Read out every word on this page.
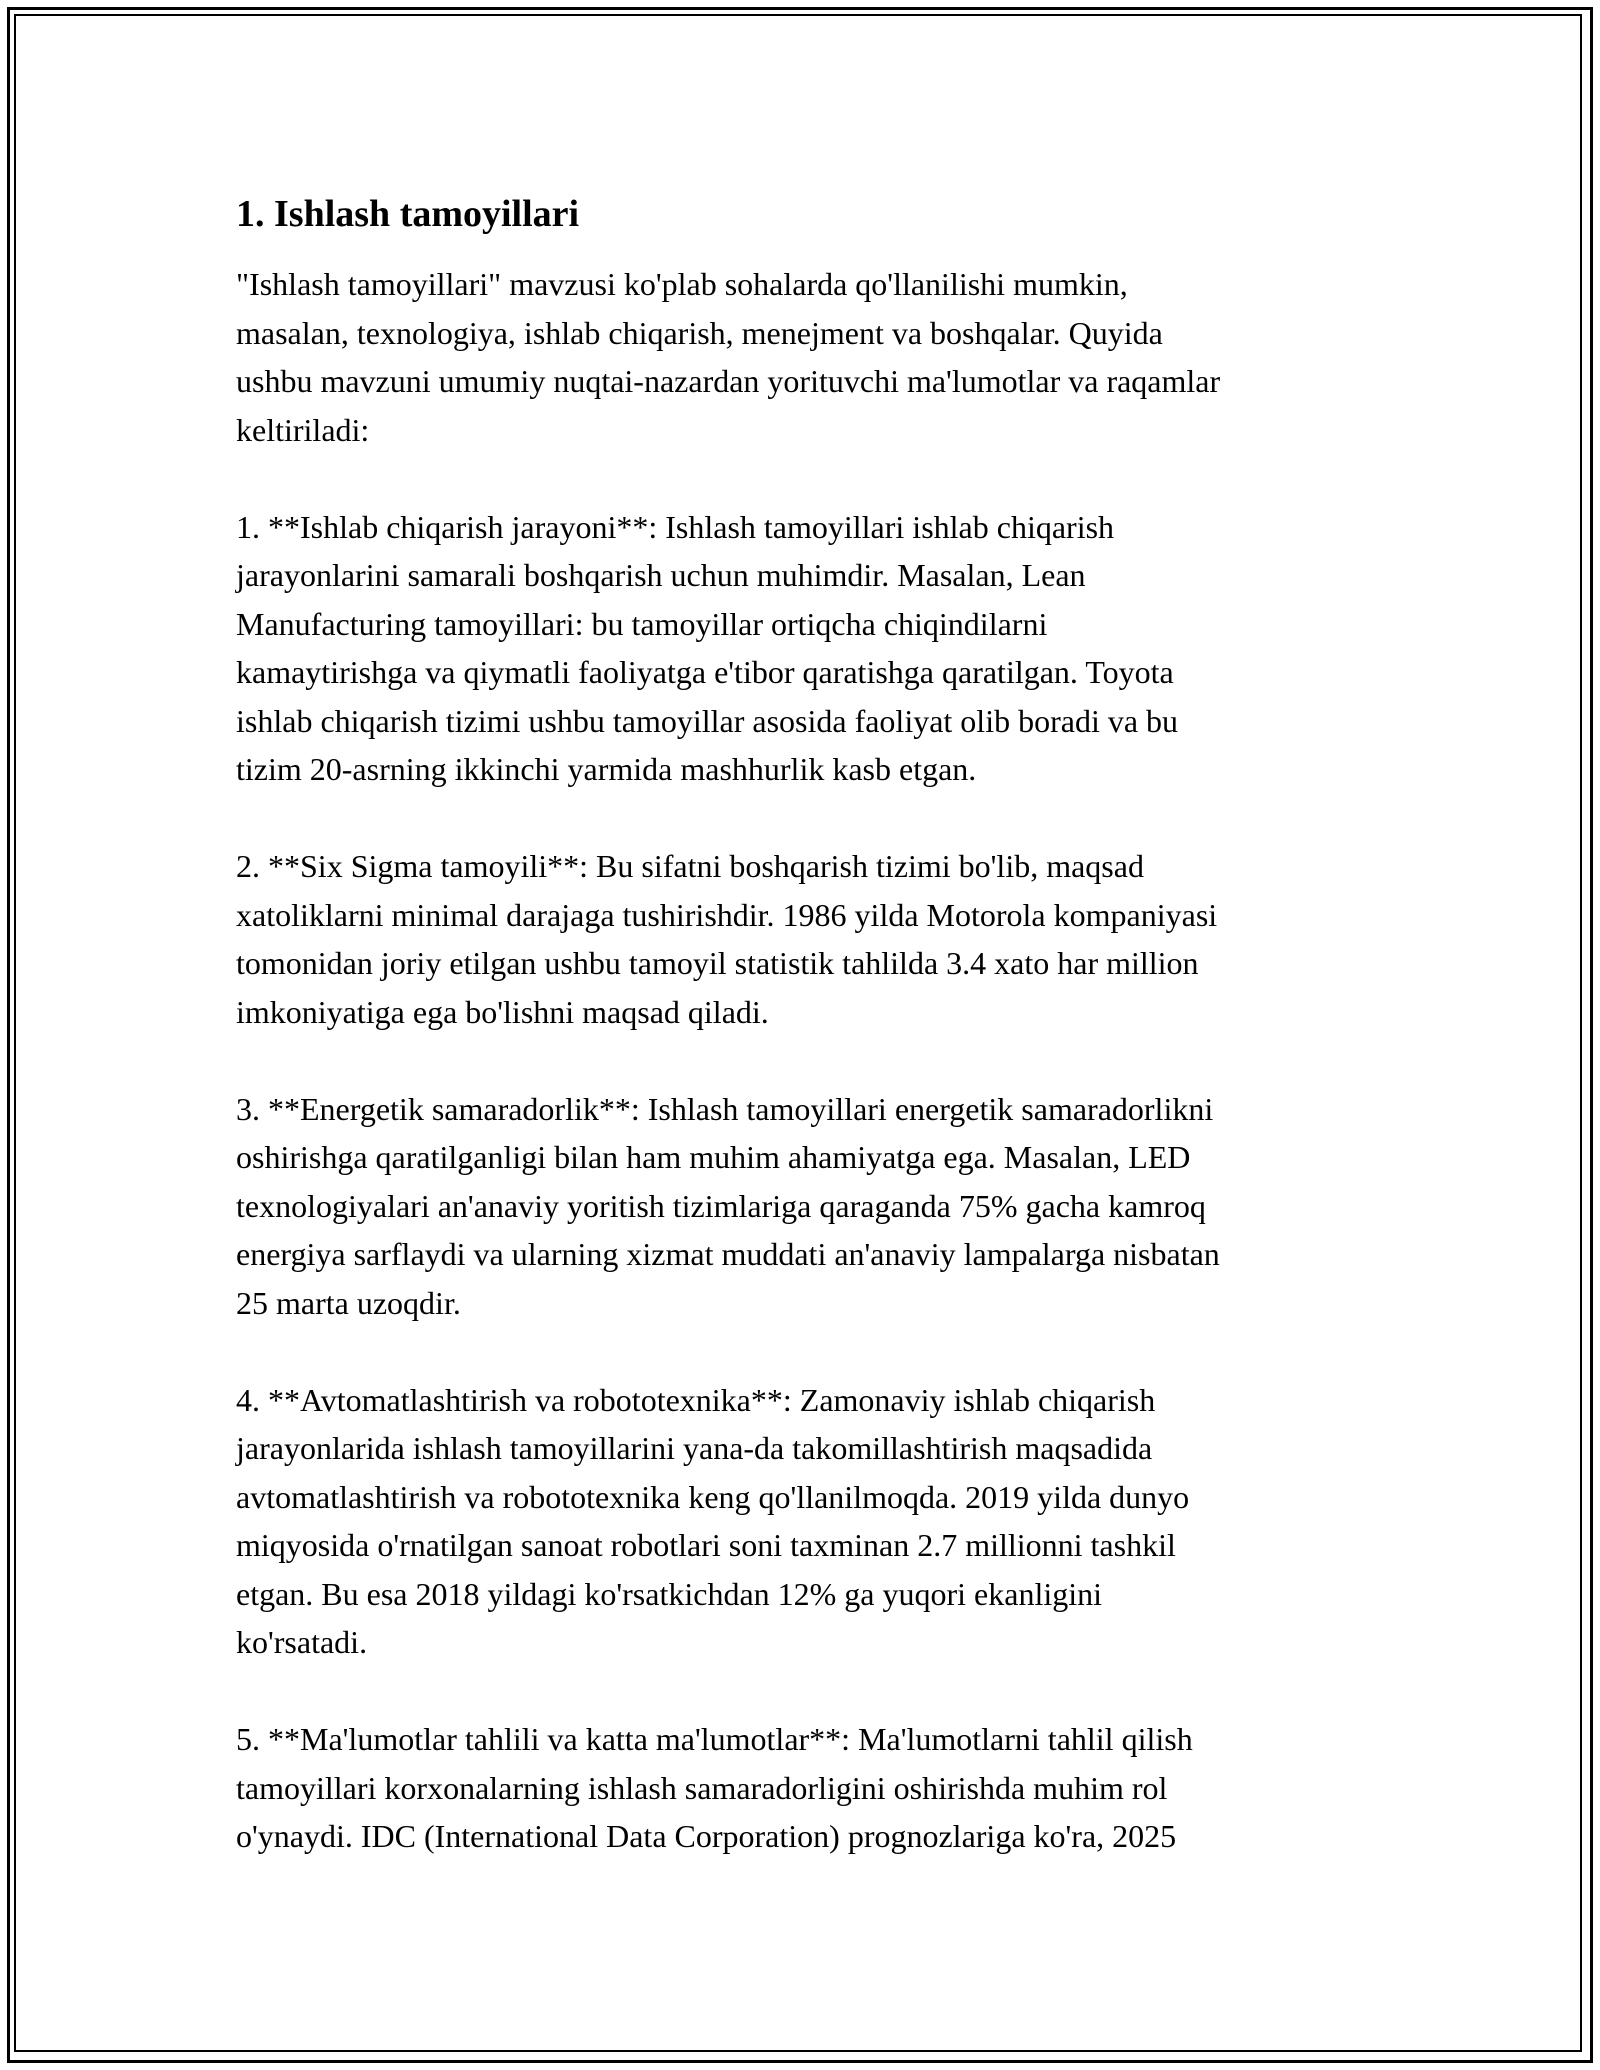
1. Ishlash tamoyillari

"Ishlash tamoyillari" mavzusi ko'plab sohalarda qo'llanilishi mumkin,
masalan, texnologiya, ishlab chiqarish, menejment va boshqalar. Quyida
ushbu mavzuni umumiy nuqtai-nazardan yorituvchi ma'lumotlar va raqamlar
keltiriladi:

1. **Ishlab chiqarish jarayoni**: Ishlash tamoyillari ishlab chiqarish
jarayonlarini samarali boshqarish uchun muhimdir. Masalan, Lean
Manufacturing tamoyillari: bu tamoyillar ortiqcha chiqindilarni
kamaytirishga va qiymatli faoliyatga e'tibor qaratishga qaratilgan. Toyota
ishlab chiqarish tizimi ushbu tamoyillar asosida faoliyat olib boradi va bu
tizim 20-asrning ikkinchi yarmida mashhurlik kasb etgan.

2. **Six Sigma tamoyili**: Bu sifatni boshqarish tizimi bo'lib, maqsad
xatoliklarni minimal darajaga tushirishdir. 1986 yilda Motorola kompaniyasi
tomonidan joriy etilgan ushbu tamoyil statistik tahlilda 3.4 xato har million
imkoniyatiga ega bo'lishni maqsad qiladi.

3. **Energetik samaradorlik**: Ishlash tamoyillari energetik samaradorlikni
oshirishga qaratilganligi bilan ham muhim ahamiyatga ega. Masalan, LED
texnologiyalari an'anaviy yoritish tizimlariga qaraganda 75% gacha kamroq
energiya sarflaydi va ularning xizmat muddati an'anaviy lampalarga nisbatan
25 marta uzoqdir.

4. **Avtomatlashtirish va robototexnika**: Zamonaviy ishlab chiqarish
jarayonlarida ishlash tamoyillarini yana-da takomillashtirish maqsadida
avtomatlashtirish va robototexnika keng qo'llanilmoqda. 2019 yilda dunyo
miqyosida o'rnatilgan sanoat robotlari soni taxminan 2.7 millionni tashkil
etgan. Bu esa 2018 yildagi ko'rsatkichdan 12% ga yuqori ekanligini
ko'rsatadi.

5. **Ma'lumotlar tahlili va katta ma'lumotlar**: Ma'lumotlarni tahlil qilish
tamoyillari korxonalarning ishlash samaradorligini oshirishda muhim rol
o'ynaydi. IDC (International Data Corporation) prognozlariga ko'ra, 2025
